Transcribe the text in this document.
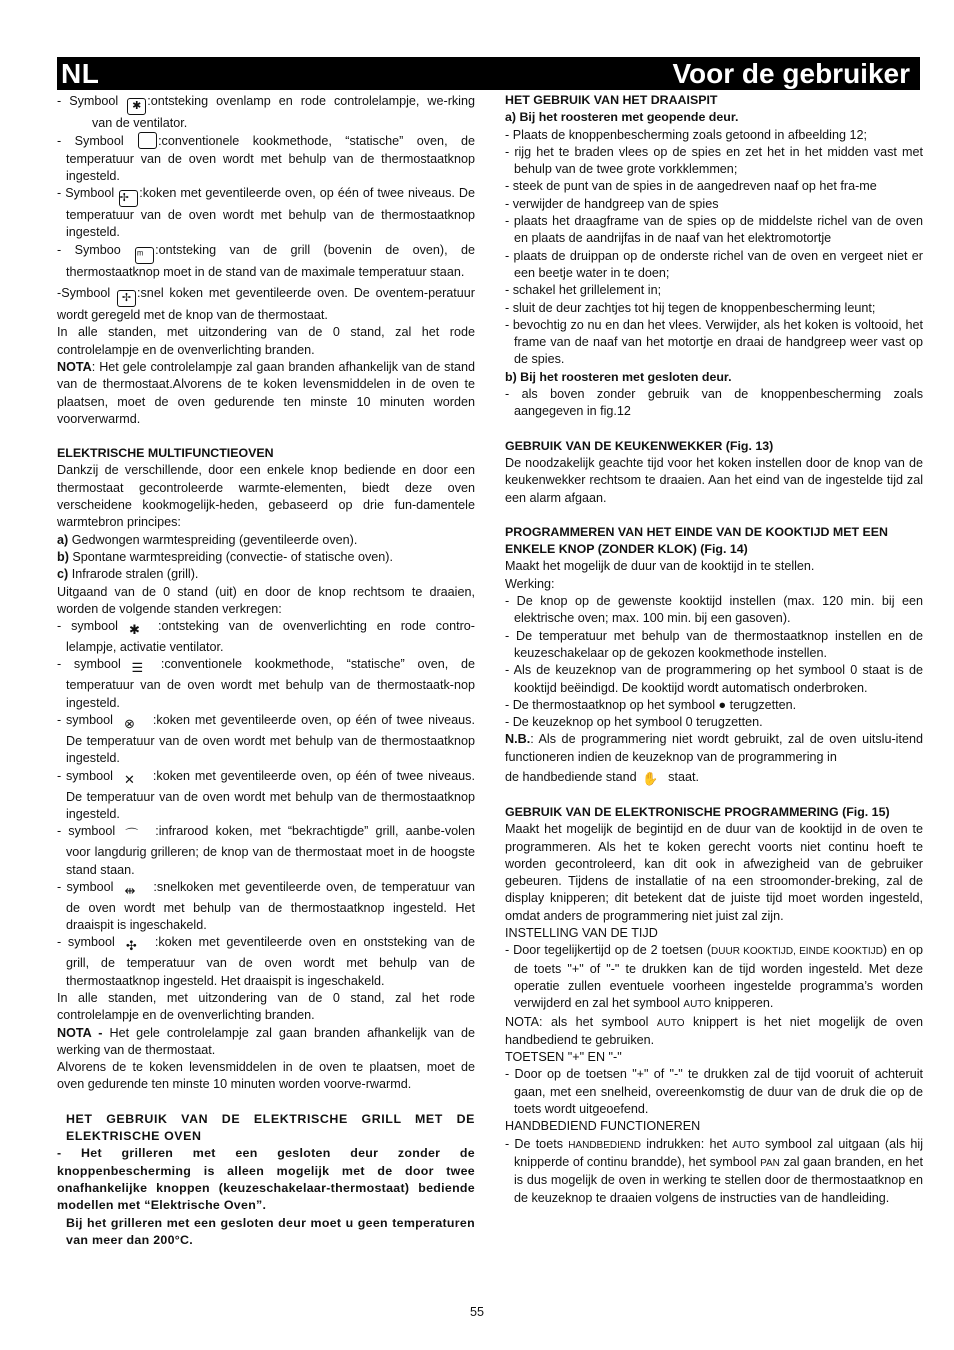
NL	Voor de gebruiker

- Symbool ✱ :ontsteking ovenlamp en rode controlelampje, we-rking           van de ventilator.

- Symbool	:conventionele kookmethode, “statische” oven, de temperatuur van de oven wordt met behulp van de thermostaatknop ingesteld.

- Symbool ✢ :koken met geventileerde oven, op één of twee niveaus. De temperatuur van de oven wordt met behulp van de thermostaatknop ingesteld.

- Symboo ᵐ :ontsteking van de grill (bovenin de oven), de thermostaatknop moet in de stand van de maximale temperatuur staan.

-Symbool ✢ :snel koken met geventileerde oven. De oventem-peratuur wordt geregeld met de knop van de thermostaat.

In alle standen, met uitzondering van de 0 stand, zal het rode controlelampje en de ovenverlichting branden.

NOTA: Het gele controlelampje zal gaan branden afhankelijk van de stand van de thermostaat.Alvorens de te koken levensmiddelen in de oven te plaatsen, moet de oven gedurende ten minste 10 minuten worden voorverwarmd.

ELEKTRISCHE MULTIFUNCTIEOVEN

Dankzij de verschillende, door een enkele knop bediende en door een thermostaat gecontroleerde warmte-elementen, biedt deze oven verscheidene kookmogelijk-heden, gebaseerd op drie fun-damentele warmtebron principes:

a) Gedwongen warmtespreiding (geventileerde oven).

b) Spontane warmtespreiding (convectie- of statische oven).

c) Infrarode stralen (grill).

Uitgaand van de 0 stand (uit) en door de knop rechtsom te draaien, worden de volgende standen verkregen:

- symbool ✱ :ontsteking van de ovenverlichting en rode contro-lelampje, activatie ventilator.

- symbool ☰ :conventionele kookmethode, “statische” oven, de temperatuur van de oven wordt met behulp van de thermostaatk-nop ingesteld.

- symbool ⊗ :koken met geventileerde oven, op één of twee niveaus. De temperatuur van de oven wordt met behulp van de thermostaatknop ingesteld.

- symbool ✕ :koken met geventileerde oven, op één of twee niveaus. De temperatuur van de oven wordt met behulp van de thermostaatknop ingesteld.

- symbool ⌒ :infrarood koken, met “bekrachtigde” grill, aanbe-volen voor langdurig grilleren; de knop van de thermostaat moet in de hoogste stand staan.

- symbool ⇹ :snelkoken met geventileerde oven, de temperatuur van de oven wordt met behulp van de thermostaatknop ingesteld. Het draaispit is ingeschakeld.

- symbool ✣ :koken met geventileerde oven en onststeking van de grill, de temperatuur van de oven wordt met behulp van de thermostaatknop ingesteld. Het draaispit is ingeschakeld.

In alle standen, met uitzondering van de 0 stand, zal het rode controlelampje en de ovenverlichting branden.

NOTA - Het gele controlelampje zal gaan branden afhankelijk van de werking van de thermostaat.

Alvorens de te koken levensmiddelen in de oven te plaatsen, moet de oven gedurende ten minste 10 minuten worden voorve-rwarmd.

HET GEBRUIK VAN DE ELEKTRISCHE GRILL MET DE ELEKTRISCHE OVEN

- Het grilleren met een gesloten deur zonder de knoppenbescherming is alleen mogelijk met de door twee onafhankelijke knoppen (keuzeschakelaar-thermostaat) bediende modellen met “Elektrische Oven”.

Bij het grilleren met een gesloten deur moet u geen temperaturen van meer dan 200°C.

HET GEBRUIK VAN HET DRAAISPIT

a) Bij het roosteren met geopende deur.

- Plaats de knoppenbescherming zoals getoond in afbeelding 12;

- rijg het te braden vlees op de spies en zet het in het midden vast met behulp van de twee grote vorkklemmen;

- steek de punt van de spies in de aangedreven naaf op het fra-me

- verwijder de handgreep van de spies

- plaats het draagframe van de spies op de middelste richel van de oven en plaats de aandrijfas in de naaf van het elektromotortje

- plaats de druippan op de onderste richel van de oven en vergeet niet er een beetje water in te doen;

- schakel het grillelement in;

- sluit de deur zachtjes tot hij tegen de knoppenbescherming leunt;

- bevochtig zo nu en dan het vlees. Verwijder, als het koken is voltooid, het frame van de naaf van het motortje en draai de handgreep weer vast op de spies.

b) Bij het roosteren met gesloten deur.

- als boven zonder gebruik van de knoppenbescherming zoals aangegeven in fig.12

GEBRUIK VAN DE KEUKENWEKKER (Fig. 13)

De noodzakelijk geachte tijd voor het koken instellen door de knop van de keukenwekker rechtsom te draaien. Aan het eind van de ingestelde tijd zal een alarm afgaan.

PROGRAMMEREN VAN HET EINDE VAN DE KOOKTIJD MET EEN ENKELE KNOP (ZONDER KLOK) (Fig. 14)

Maakt het mogelijk de duur van de kooktijd in te stellen.

Werking:

- De knop op de gewenste kooktijd instellen (max. 120 min. bij een elektrische oven; max. 100 min. bij een gasoven).

- De temperatuur met behulp van de thermostaatknop instellen en de keuzeschakelaar op de gekozen kookmethode instellen.

- Als de keuzeknop van de programmering op het symbool 0 staat is de kooktijd beëindigd. De kooktijd wordt automatisch onderbroken.

- De thermostaatknop op het symbool ● terugzetten.

- De keuzeknop op het symbool 0 terugzetten.

N.B.: Als de programmering niet wordt gebruikt, zal de oven uitslu-itend functioneren indien de keuzeknop van de programmering in

de handbediende stand ✋ staat.

GEBRUIK VAN DE ELEKTRONISCHE PROGRAMMERING (Fig. 15)

Maakt het mogelijk de begintijd en de duur van de kooktijd in de oven te programmeren. Als het te koken gerecht voorts niet continu hoeft te worden gecontroleerd, kan dit ook in afwezigheid van de gebruiker gebeuren. Tijdens de installatie of na een stroomonder-breking, zal de display knipperen; dit betekent dat de juiste tijd moet worden ingesteld, omdat anders de programmering niet juist zal zijn.

INSTELLING VAN DE TIJD

- Door tegelijkertijd op de 2 toetsen (DUUR KOOKTIJD, EINDE KOOKTIJD) en op de toets "+" of "-" te drukken kan de tijd worden ingesteld. Met deze operatie zullen eventuele voorheen ingestelde programma’s worden verwijderd en zal het symbool AUTO knipperen.

NOTA: als het symbool AUTO knippert is het niet mogelijk de oven handbediend te gebruiken.

TOETSEN "+" EN "-"

- Door op de toetsen "+" of "-" te drukken zal de tijd vooruit of achteruit gaan, met een snelheid, overeenkomstig de duur van de druk die op de toets wordt uitgeoefend.

HANDBEDIEND FUNCTIONEREN

- De toets HANDBEDIEND indrukken: het AUTO symbool zal uitgaan (als hij knipperde of continu brandde), het symbool PAN zal gaan branden, en het is dus mogelijk de oven in werking te stellen door de thermostaatknop en de keuzeknop te draaien volgens de instructies van de handleiding.

55
